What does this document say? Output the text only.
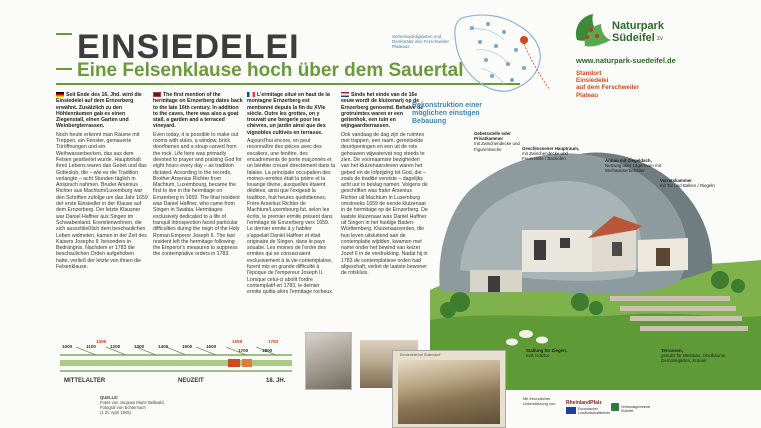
EINSIEDELEI
Eine Felsenklause hoch über dem Sauertal

Seit Ende des 16. Jhd. wird die Einsiedelei auf dem Ernzerberg erwähnt. Zusätzlich zu den Höhlenräumen gab es einen Ziegenstall, einen Garten und Weinbergterrassen.

Noch heute erkennt man Räume mit Treppen, ein Fenster, gemauerte Türöffnungen und ein Weihwasserbecken, das aus dem Felsen gearbeitet wurde. Hauptinhalt ihres Lebens waren das Gebet und das Gotteslob, die – wie es die Tradition verlangte – acht Stunden täglich in Anspruch nahmen. Bruder Arsenius Richter aus Machtum/Luxemburg war den Schriften zufolge um das Jahr 1659 der erste Einsiedler in der Klause auf dem Ernzerberg. Der letzte Klausner war Daniel Haffner aus Singen im Schwabenland. Eremitenwohnen, die sich ausschließlich dem beschaulichen Leben widmeten, kamen in der Zeit des Kaisers Josephs II. besonders in Bedrängnis. Nachdem er 1783 die beschaulichen Orden aufgehoben hatte, verließ der letzte von ihnen die Felsenklause.

The first mention of the hermitage on Ernzerberg dates back to the late 16th century. In addition to the caves, there was also a goat stall, a garden and a terraced vineyard.

Even today, it is possible to make out rooms with stairs, a window, brick doorframes and a stoup carved from the rock. Life here was primarily devoted to prayer and praising God for eight hours every day – as tradition dictated. According to the records, Brother Arsenius Richter from Machtum, Luxembourg, became the first to live in the hermitage on Ernzerberg in 1659. The final resident was Daniel Haffner, who came from Singen in Swabia. Hermitages exclusively dedicated to a life of tranquil introspection faced particular difficulties during the reign of the Holy Roman Emperor Joseph II. The last resident left the hermitage following the Emperor's measures to suppress the contemplative orders in 1783.

L'ermitage situé en haut de la montagne Ernzerberg est mentionné depuis la fin du XVIe siècle. Outre les grottes, on y trouvait une bergerie pour les chèvres, un jardin ainsi que des vignobles cultivés en terrasse.

Aujourd'hui encore, on peut reconnaître des pièces avec des escaliers, une fenêtre, des encadrements de porte maçonnés et un bénitier creusé directement dans la falaise. La principale occupation des moines-ermites était la prière et la louange divine, auxquelles étaient dédiées, ainsi que l'exigeait la tradition, huit heures quotidiennes. Frère Arsenius Richter de Machtum/Luxembourg fut, selon les écrits, le premier ermite présent dans l'ermitage de Ernzerberg vers 1659. Le dernier ermite à y habiter s'appelait Daniel Haffner et était originaire de Singen, dans le pays souabe. Les moines de l'ordre des ermites qui se consacraient exclusivement à la vie contemplative, furent mis en grande difficulté à l'époque de l'empereur Joseph II. Lorsque celui-ci abolit l'ordre contemplatif en 1783, le dernier ermite quitta alors l'ermitage rocheux.

Sinds het einde van de 16e eeuw wordt de kluizenarij op de Ernzerberg genoemd. Behalve de grotruimtes waren er een geitenhok, een tuin en wijngaardterrassen.

Ook vandaag de dag zijn de ruimtes met trappen, een raam, gemetselde deuröpeningen en een uit de rots gehouwen wijwatervat nog steeds te zien. De voornaamste bezigheden van het kluizenaarsleven waren het gebed en de lofprijzing tot God, die – zoals de traditie vereiste – dagelijks acht uur in beslag namen. Volgens de geschriften was frater Arsenius Richter uit Machtum in Luxemburg omstreeks 1659 de eerste kluizenaar in de hermitage op de Ernzerberg. De laatste kluizenaar was Daniel Haffner uit Singen in het huidige Baden-Württemberg. Kluizenaarsorden, die hun leven uitsluitend aan de contemplatie wijdden, kwamen met name onder het bewind van keizer Jozef II in de verdrukking. Nadat hij in 1783 de contemplatieve orden had afgeschaft, verliet de laatste bewoner de rotskluis.

Sehenswürdigkeiten und Denkmäler des Ferschweiler Plateaus
Rekonstruktion einer möglichen einstigen Bebauung
Naturpark
Südeifel zv
www.naturpark-suedeifel.de
Standort
Einsiedelei
auf dem Ferschweiler
Plateau
Gebetsstelle oder Privatkammer
mit Zwischendecke und Figurennische	Geschlossener Hauptraum,
mit Zwischendecke und Feuerstelle / Backofen	Anbau mit Ziegeldach,
Nutzung oder Lagerraum mit Weihwasserbehälter
Vorratskammer
mit Tor und Balken / Riegeln
Stallung für Ziegen,
evtl. Holztor
Terrassen,
genutzt für Weinbau, Obstbäume, Gemüsegarten, Kräuter
1596	1659	1783
1000	1100	1200	1300	1400	1500	1600
1700	1800
MITTELALTER	NEUZEIT	18. JH.
Einsiedelei bei Bollendorf
QUELLE:
Fotos von Jacques Marie Bellwald,
Fotograf von Echternach
(1 Zt. April 1945)
Mit freundlicher
Unterstützung von RheinlandPfalz
Europäischer
Landwirtschaftsfonds
Verbandsgemeinde
Südeifel
